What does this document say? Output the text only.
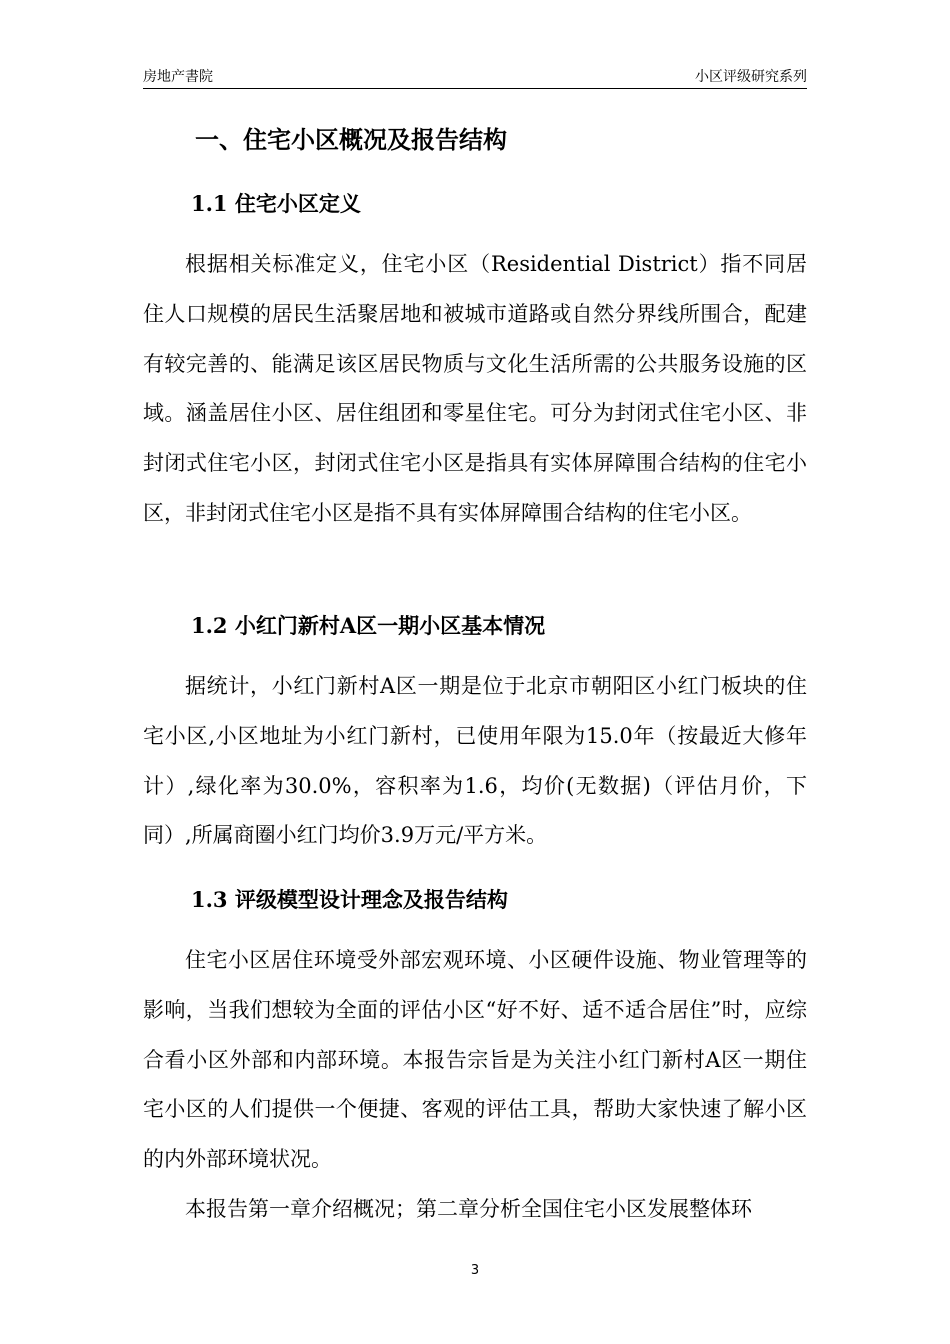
房地产書院	小区评级研究系列
一、住宅小区概况及报告结构
1.1 住宅小区定义

根据相关标准定义，住宅小区（Residential District）指不同居住人口规模的居民生活聚居地和被城市道路或自然分界线所围合，配建有较完善的、能满足该区居民物质与文化生活所需的公共服务设施的区域。涵盖居住小区、居住组团和零星住宅。可分为封闭式住宅小区、非封闭式住宅小区，封闭式住宅小区是指具有实体屏障围合结构的住宅小区，非封闭式住宅小区是指不具有实体屏障围合结构的住宅小区。

1.2 小红门新村A区一期小区基本情况

据统计，小红门新村A区一期是位于北京市朝阳区小红门板块的住宅小区,小区地址为小红门新村，已使用年限为15.0年（按最近大修年计）,绿化率为30.0%，容积率为1.6，均价(无数据)（评估月价，下同）,所属商圈小红门均价3.9万元/平方米。

1.3 评级模型设计理念及报告结构

住宅小区居住环境受外部宏观环境、小区硬件设施、物业管理等的影响，当我们想较为全面的评估小区“好不好、适不适合居住”时，应综合看小区外部和内部环境。本报告宗旨是为关注小红门新村A区一期住宅小区的人们提供一个便捷、客观的评估工具，帮助大家快速了解小区的内外部环境状况。

本报告第一章介绍概况；第二章分析全国住宅小区发展整体环

3
